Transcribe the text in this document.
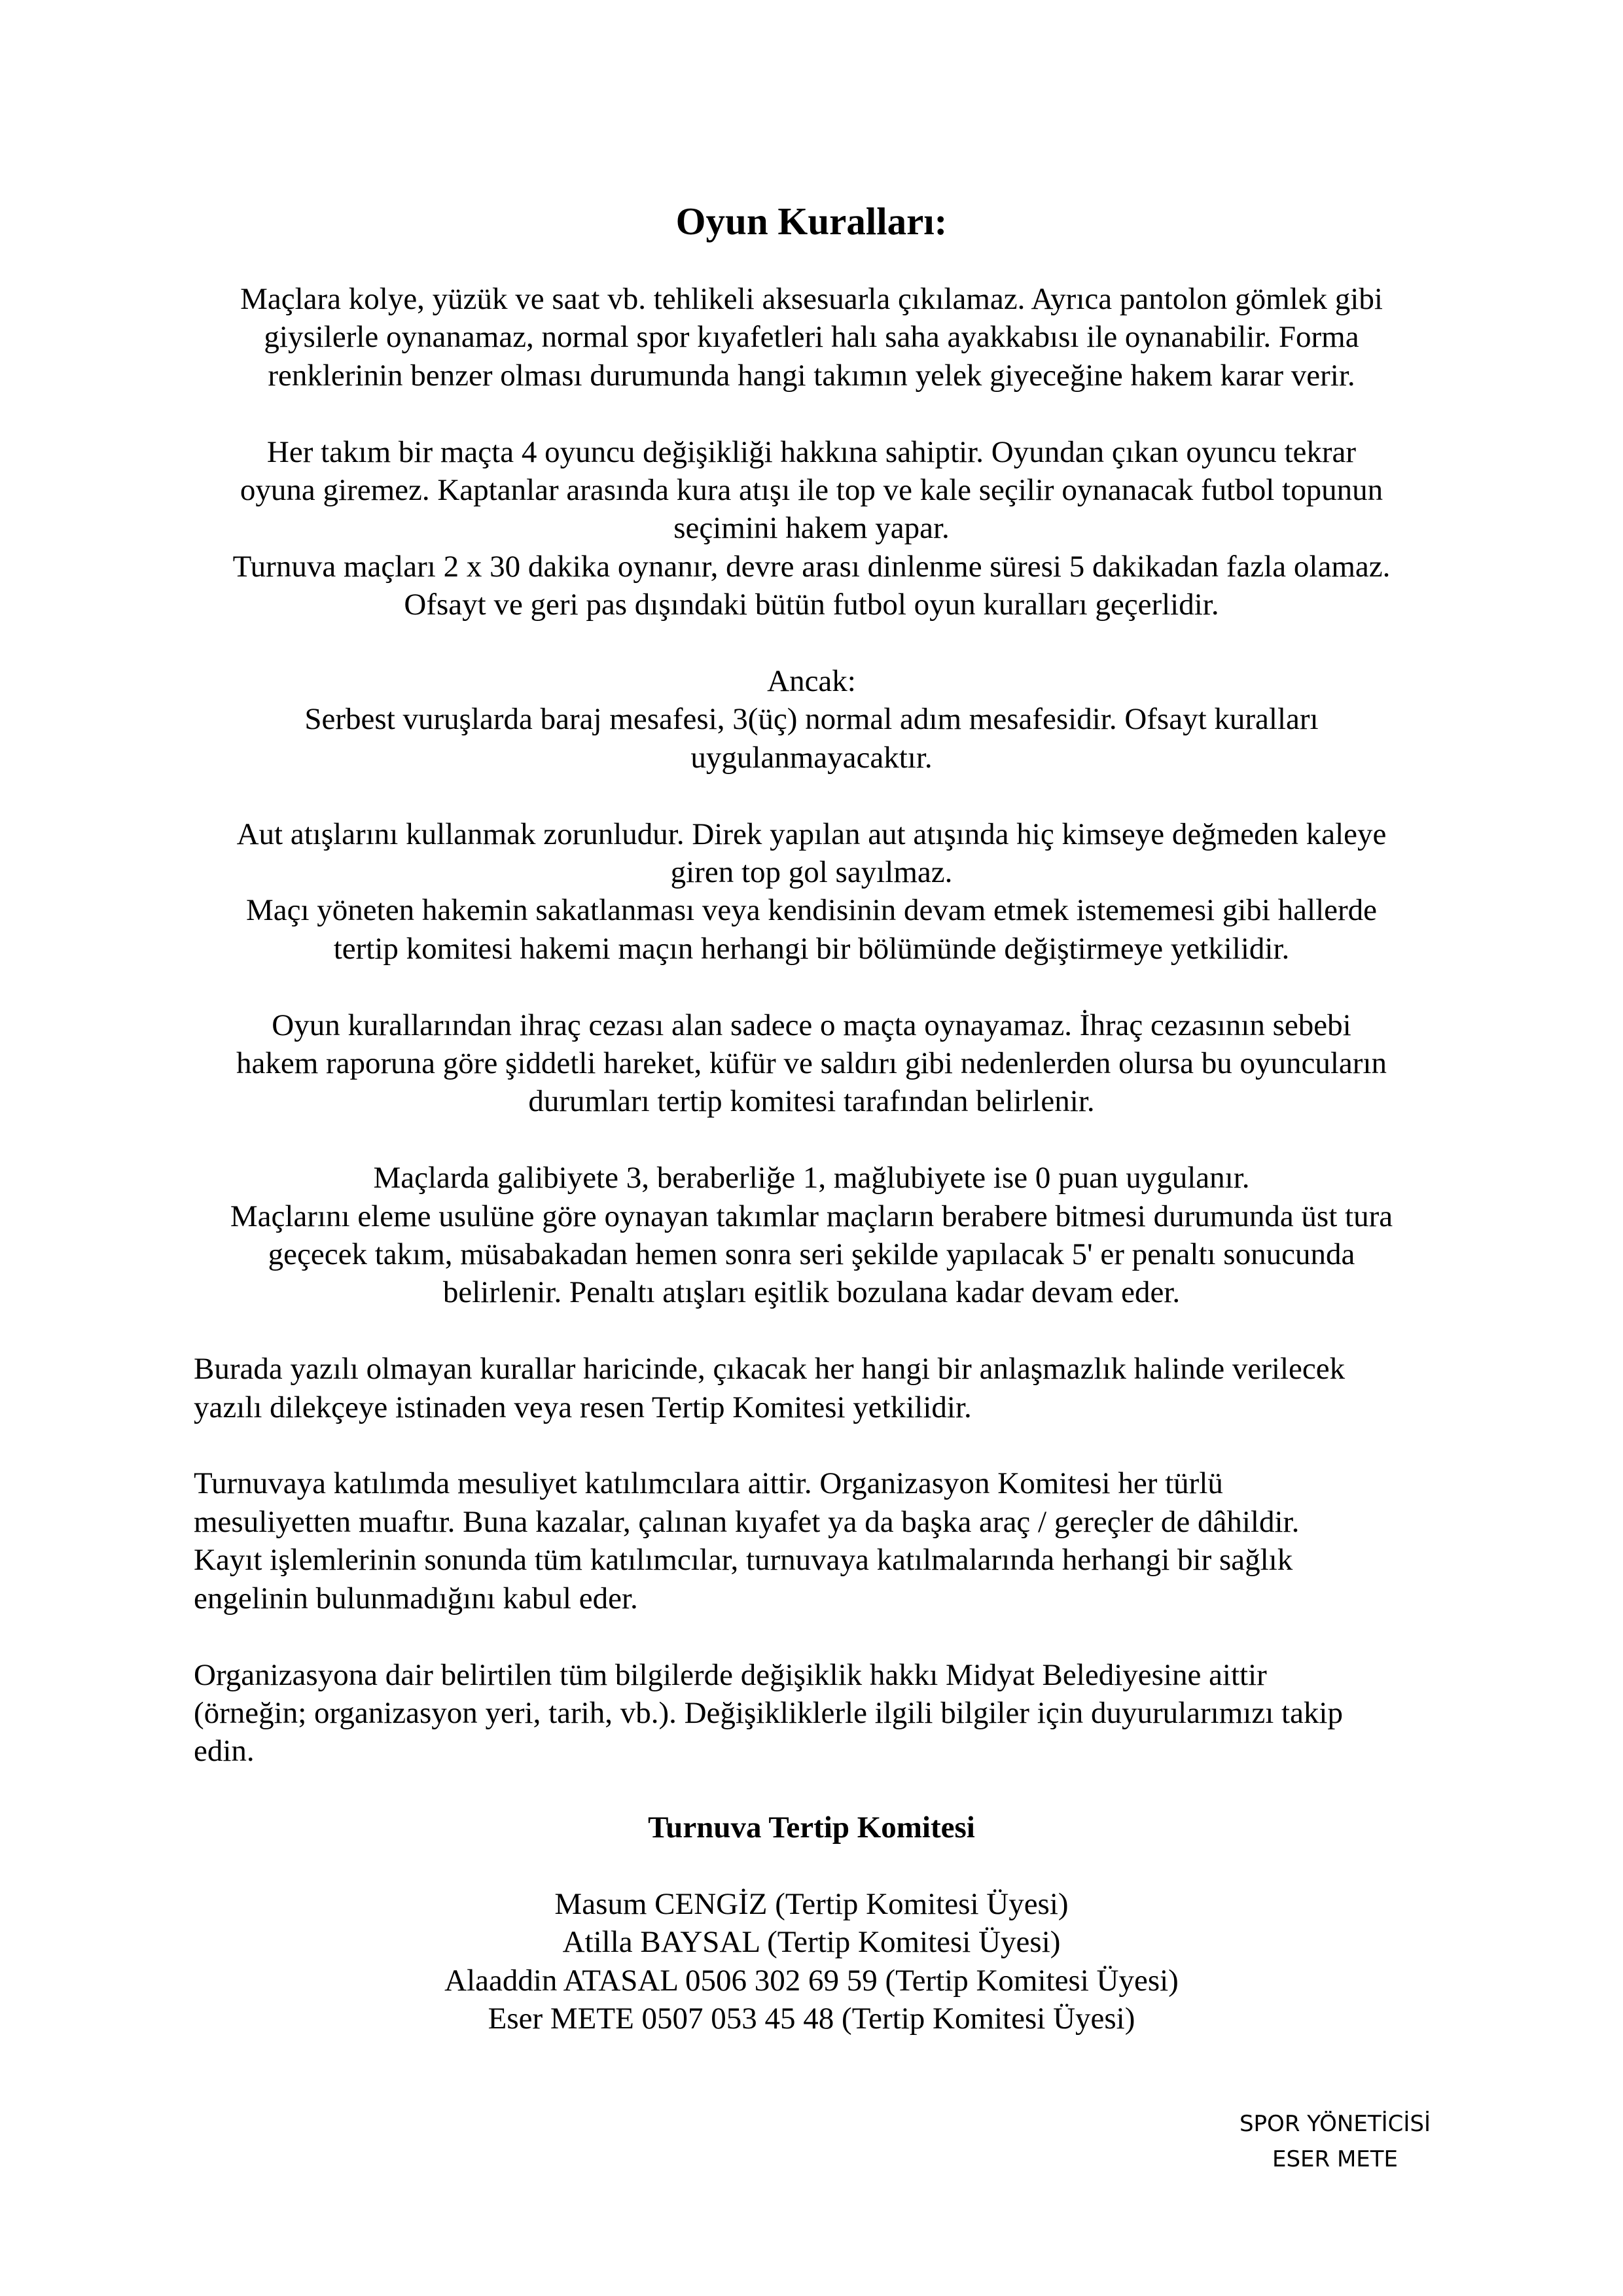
Oyun Kuralları:

Maçlara kolye, yüzük ve saat vb. tehlikeli aksesuarla çıkılamaz. Ayrıca pantolon gömlek gibi
giysilerle oynanamaz, normal spor kıyafetleri halı saha ayakkabısı ile oynanabilir. Forma
renklerinin benzer olması durumunda hangi takımın yelek giyeceğine hakem karar verir.

Her takım bir maçta 4 oyuncu değişikliği hakkına sahiptir. Oyundan çıkan oyuncu tekrar
oyuna giremez. Kaptanlar arasında kura atışı ile top ve kale seçilir oynanacak futbol topunun
seçimini hakem yapar.
Turnuva maçları 2 x 30 dakika oynanır, devre arası dinlenme süresi 5 dakikadan fazla olamaz.
Ofsayt ve geri pas dışındaki bütün futbol oyun kuralları geçerlidir.

Ancak:
Serbest vuruşlarda baraj mesafesi, 3(üç) normal adım mesafesidir. Ofsayt kuralları
uygulanmayacaktır.

Aut atışlarını kullanmak zorunludur. Direk yapılan aut atışında hiç kimseye değmeden kaleye
giren top gol sayılmaz.
Maçı yöneten hakemin sakatlanması veya kendisinin devam etmek istememesi gibi hallerde
tertip komitesi hakemi maçın herhangi bir bölümünde değiştirmeye yetkilidir.

Oyun kurallarından ihraç cezası alan sadece o maçta oynayamaz. İhraç cezasının sebebi
hakem raporuna göre şiddetli hareket, küfür ve saldırı gibi nedenlerden olursa bu oyuncuların
durumları tertip komitesi tarafından belirlenir.

Maçlarda galibiyete 3, beraberliğe 1, mağlubiyete ise 0 puan uygulanır.
Maçlarını eleme usulüne göre oynayan takımlar maçların berabere bitmesi durumunda üst tura
geçecek takım, müsabakadan hemen sonra seri şekilde yapılacak 5' er penaltı sonucunda
belirlenir. Penaltı atışları eşitlik bozulana kadar devam eder.

Burada yazılı olmayan kurallar haricinde, çıkacak her hangi bir anlaşmazlık halinde verilecek
yazılı dilekçeye istinaden veya resen Tertip Komitesi yetkilidir.

Turnuvaya katılımda mesuliyet katılımcılara aittir. Organizasyon Komitesi her türlü
mesuliyetten muaftır. Buna kazalar, çalınan kıyafet ya da başka araç / gereçler de dâhildir.
Kayıt işlemlerinin sonunda tüm katılımcılar, turnuvaya katılmalarında herhangi bir sağlık
engelinin bulunmadığını kabul eder.

Organizasyona dair belirtilen tüm bilgilerde değişiklik hakkı Midyat Belediyesine aittir
(örneğin; organizasyon yeri, tarih, vb.). Değişikliklerle ilgili bilgiler için duyurularımızı takip
edin.

Turnuva Tertip Komitesi
Masum CENGİZ (Tertip Komitesi Üyesi)
Atilla BAYSAL (Tertip Komitesi Üyesi)
Alaaddin ATASAL 0506 302 69 59 (Tertip Komitesi Üyesi)
Eser METE 0507 053 45 48 (Tertip Komitesi Üyesi)
SPOR YÖNETİCİSİ
ESER METE
